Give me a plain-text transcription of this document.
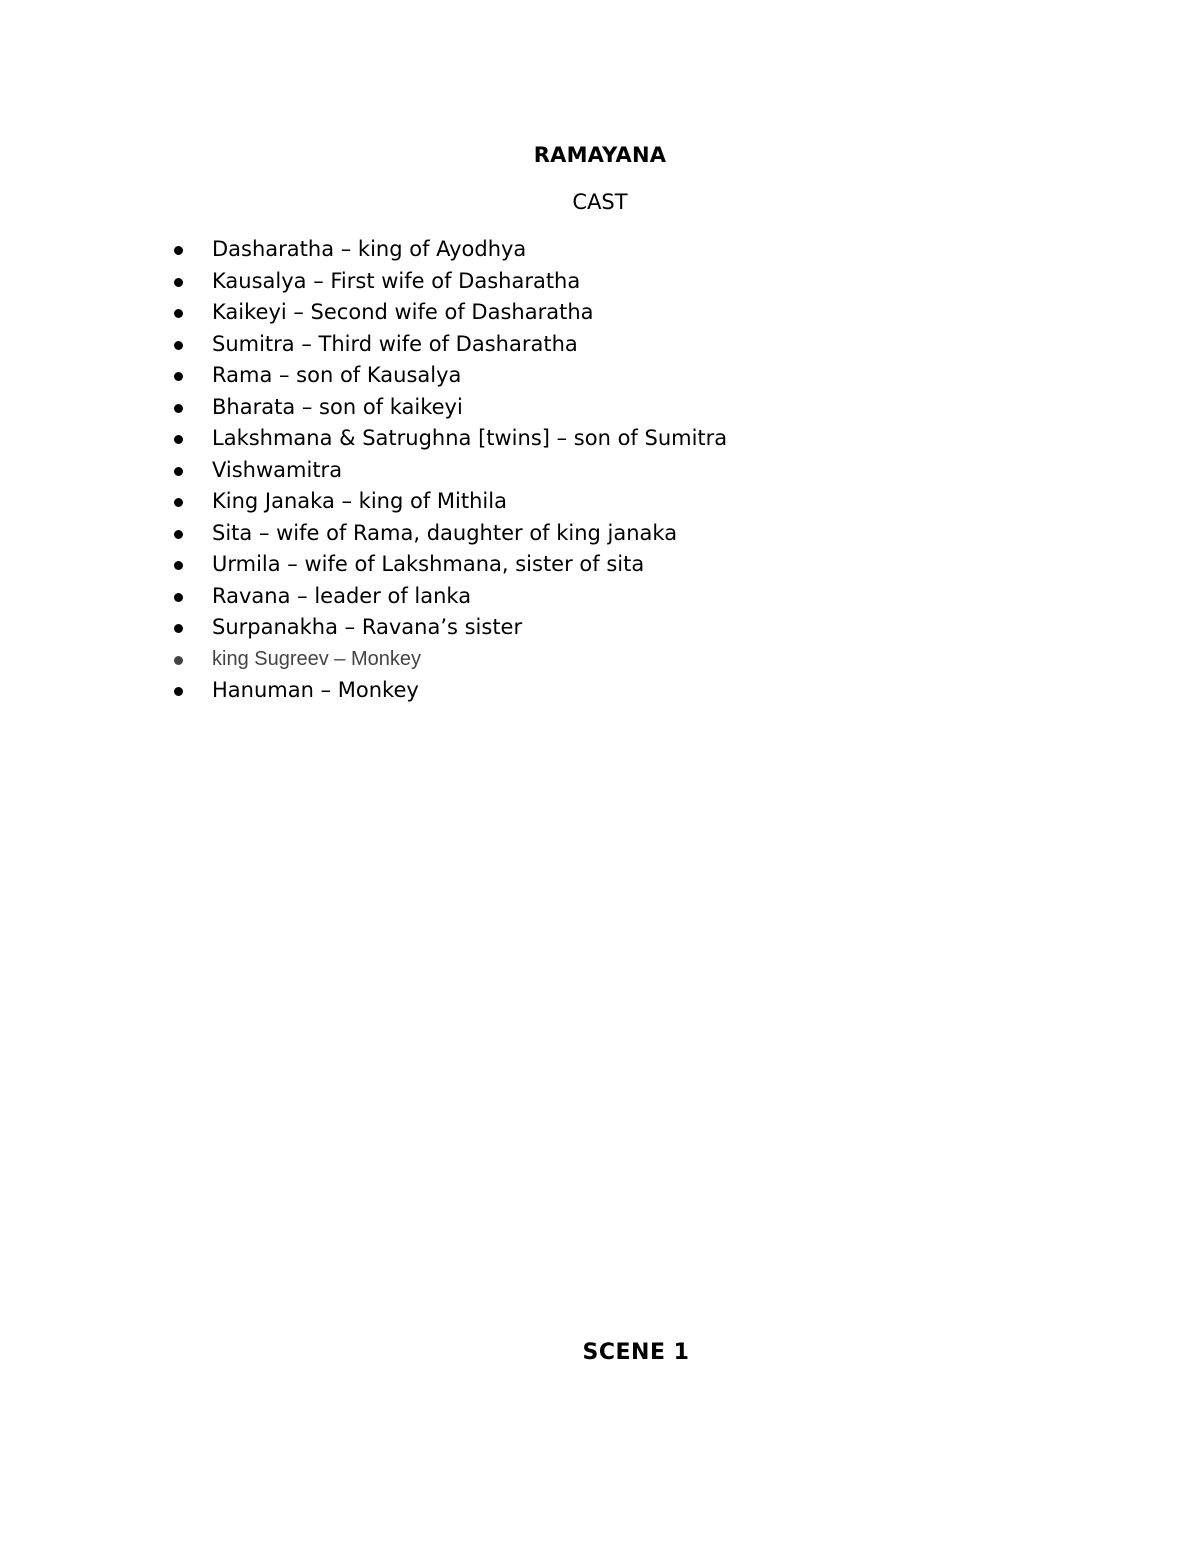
RAMAYANA

CAST

Dasharatha – king of Ayodhya
Kausalya – First wife of Dasharatha
Kaikeyi – Second wife of Dasharatha
Sumitra – Third wife of Dasharatha
Rama – son of Kausalya
Bharata – son of kaikeyi
Lakshmana & Satrughna [twins] – son of Sumitra
Vishwamitra
King Janaka – king of Mithila
Sita – wife of Rama, daughter of king janaka
Urmila – wife of Lakshmana, sister of sita
Ravana – leader of lanka
Surpanakha – Ravana’s sister
king Sugreev – Monkey
Hanuman – Monkey
SCENE 1
